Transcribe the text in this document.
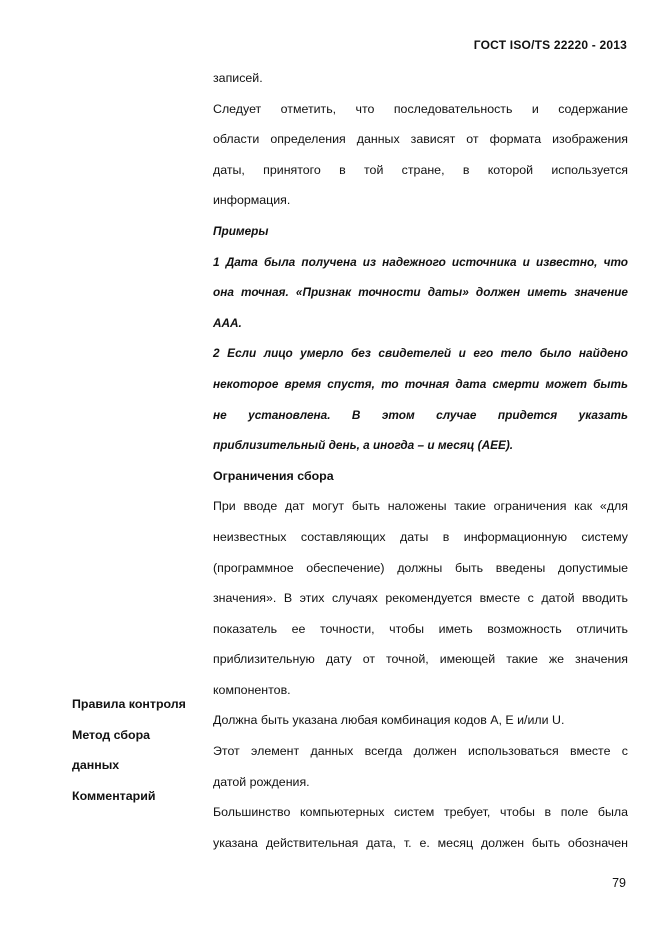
ГОСТ ISO/TS 22220 - 2013
записей.
Следует отметить, что последовательность и содержание
области определения данных зависят от формата изображения
даты, принятого в той стране, в которой используется
информация.
Примеры
1 Дата была получена из надежного источника и известно, что
она точная. «Признак точности даты» должен иметь значение
AAA.
2 Если лицо умерло без свидетелей и его тело было найдено
некоторое время спустя, то точная дата смерти может быть
не установлена. В этом случае придется указать
приблизительный день, а иногда – и месяц (AEE).
Ограничения сбора
При вводе дат могут быть наложены такие ограничения как «для
неизвестных составляющих даты в информационную систему
(программное обеспечение) должны быть введены допустимые
значения». В этих случаях рекомендуется вместе с датой вводить
показатель ее точности, чтобы иметь возможность отличить
приблизительную дату от точной, имеющей такие же значения
компонентов.
Должна быть указана любая комбинация кодов A, E и/или U.
Этот элемент данных всегда должен использоваться вместе с
датой рождения.
Большинство компьютерных систем требует, чтобы в поле была
указана действительная дата, т. е. месяц должен быть обозначен
Правила контроля
Метод сбора
данных
Комментарий
79
